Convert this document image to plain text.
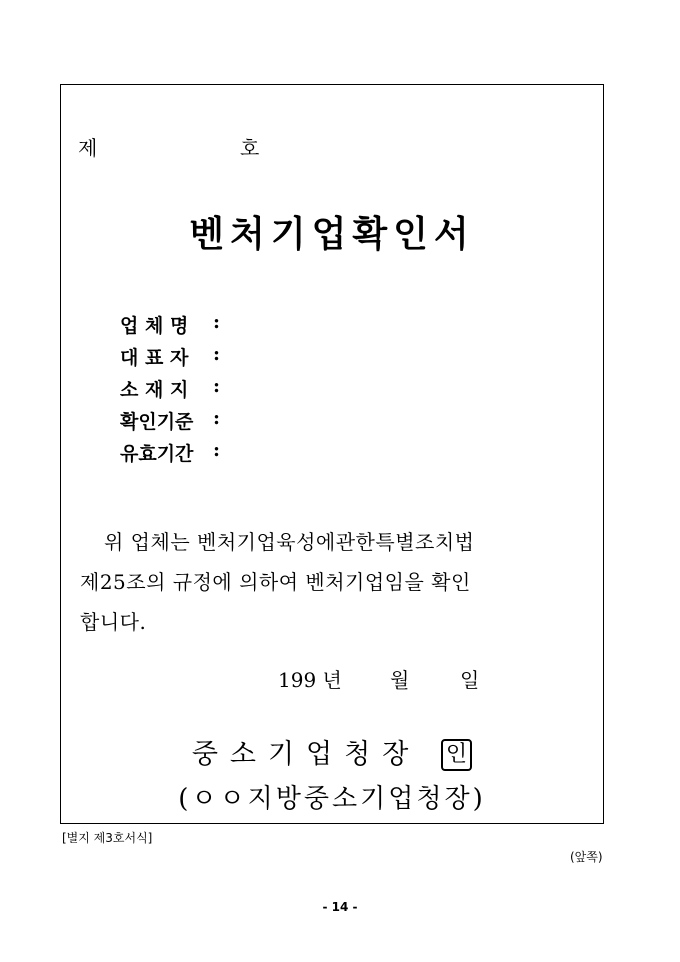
제	호
벤처기업확인서
업 체 명 :
대 표 자 :
소 재 지 :
확인기준 :
유효기간 :
위 업체는 벤처기업육성에관한특별조치법
제25조의 규정에 의하여 벤처기업임을 확인
합니다.
199 년 월	일
중소기업청장 인
(ㅇㅇ지방중소기업청장)
[별지 제3호서식]
(앞쪽)
- 14 -
